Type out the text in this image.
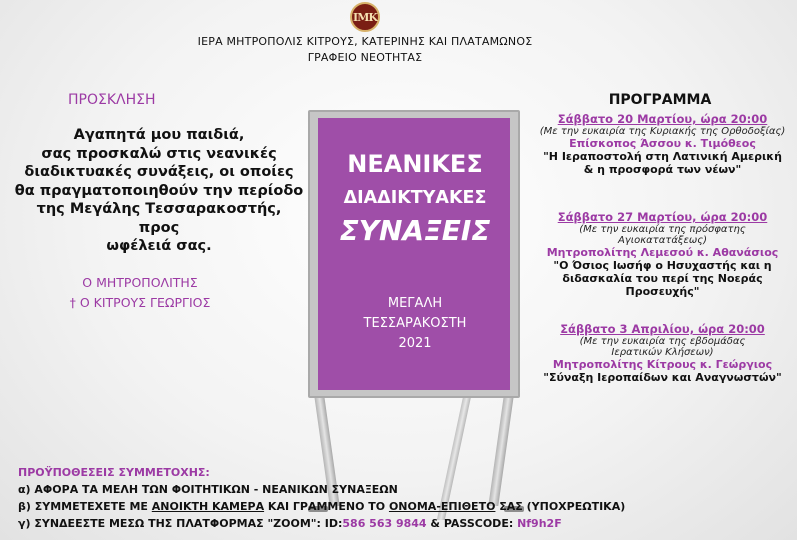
ΙΜΚ
ΙΕΡΑ ΜΗΤΡΟΠΟΛΙΣ ΚΙΤΡΟΥΣ, ΚΑΤΕΡΙΝΗΣ ΚΑΙ ΠΛΑΤΑΜΩΝΟΣ
ΓΡΑΦΕΙΟ ΝΕΟΤΗΤΑΣ
ΠΡΟΣΚΛΗΣΗ
Αγαπητά μου παιδιά,
σας προσκαλώ στις νεανικές
διαδικτυακές συνάξεις, οι οποίες
θα πραγματοποιηθούν την περίοδο
της Μεγάλης Τεσσαρακοστής, προς
ωφέλειά σας.
Ο ΜΗΤΡΟΠΟΛΙΤΗΣ
† Ο ΚΙΤΡΟΥΣ ΓΕΩΡΓΙΟΣ
ΝΕΑΝΙΚΕΣ
ΔΙΑΔΙΚΤΥΑΚΕΣ
ΣΥΝΑΞΕΙΣ
ΜΕΓΑΛΗ
ΤΕΣΣΑΡΑΚΟΣΤΗ
2021
ΠΡΟΓΡΑΜΜΑ
Σάββατο 20 Μαρτίου, ώρα 20:00
(Με την ευκαιρία της Κυριακής της Ορθοδοξίας)
Επίσκοπος Άσσου κ. Τιμόθεος
"Η Ιεραποστολή στη Λατινική Αμερική
& η προσφορά των νέων"
Σάββατο 27 Μαρτίου, ώρα 20:00
(Με την ευκαιρία της πρόσφατης
Αγιοκατατάξεως)
Μητροπολίτης Λεμεσού κ. Αθανάσιος
"Ο Όσιος Ιωσήφ ο Ησυχαστής και η
διδασκαλία του περί της Νοεράς Προσευχής"
Σάββατο 3 Απριλίου, ώρα 20:00
(Με την ευκαιρία της εβδομάδας
Ιερατικών Κλήσεων)
Μητροπολίτης Κίτρους κ. Γεώργιος
"Σύναξη Ιεροπαίδων και Αναγνωστών"
ΠΡΟΫΠΟΘΕΣΕΙΣ ΣΥΜΜΕΤΟΧΗΣ:
α) ΑΦΟΡΑ ΤΑ ΜΕΛΗ ΤΩΝ ΦΟΙΤΗΤΙΚΩΝ - ΝΕΑΝΙΚΩΝ ΣΥΝΑΞΕΩΝ
β) ΣΥΜΜΕΤΕΧΕΤΕ ΜΕ ΑΝΟΙΚΤΗ ΚΑΜΕΡΑ ΚΑΙ ΓΡΑΜΜΕΝΟ ΤΟ ΟΝΟΜΑ-ΕΠΙΘΕΤΟ ΣΑΣ (ΥΠΟΧΡΕΩΤΙΚΑ)
γ) ΣΥΝΔΕΕΣΤΕ ΜΕΣΩ ΤΗΣ ΠΛΑΤΦΟΡΜΑΣ "ZOOM": ID:586 563 9844 & PASSCODE: Nf9h2F
